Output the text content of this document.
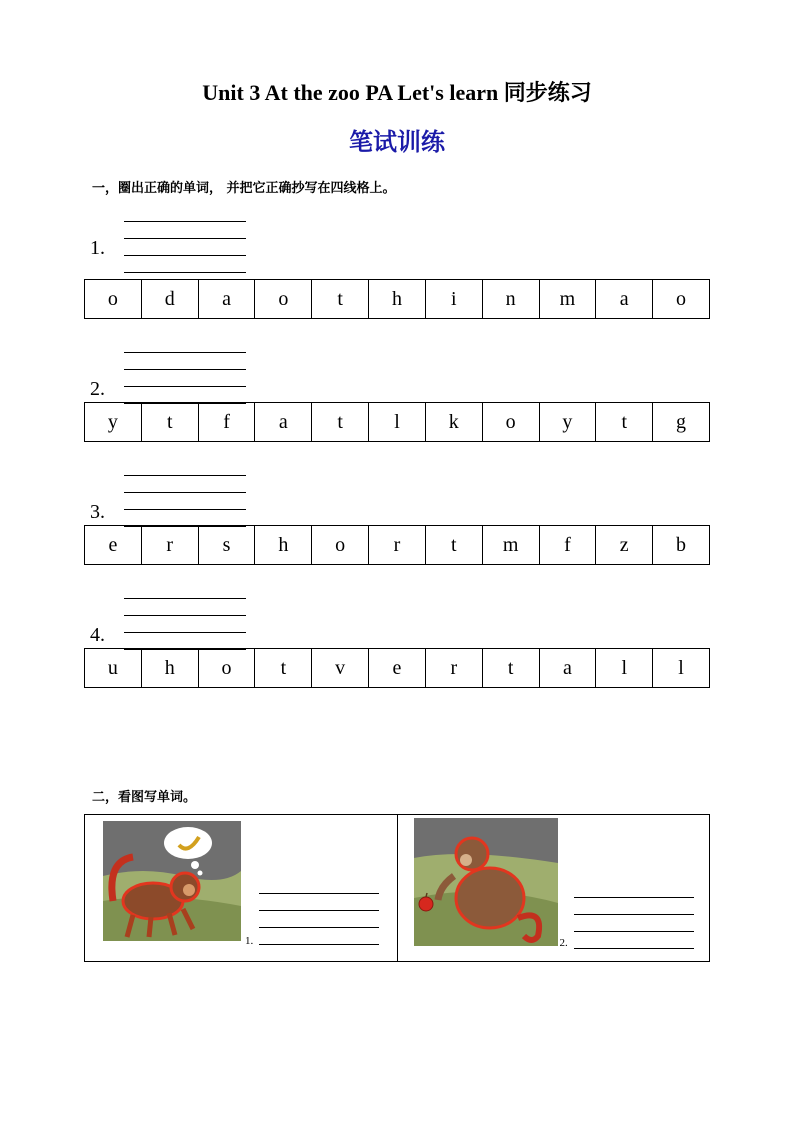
Unit 3 At the zoo PA Let's learn 同步练习
笔试训练
一，圈出正确的单词， 并把它正确抄写在四线格上。
1.
o	d	a	o	t	h	i	n	m	a	o
2.
y	t	f	a	t	l	k	o	y	t	g
3.
e	r	s	h	o	r	t	m	f	z	b
4.
u	h	o	t	v	e	r	t	a	l	l
二，看图写单词。
1.	2.
